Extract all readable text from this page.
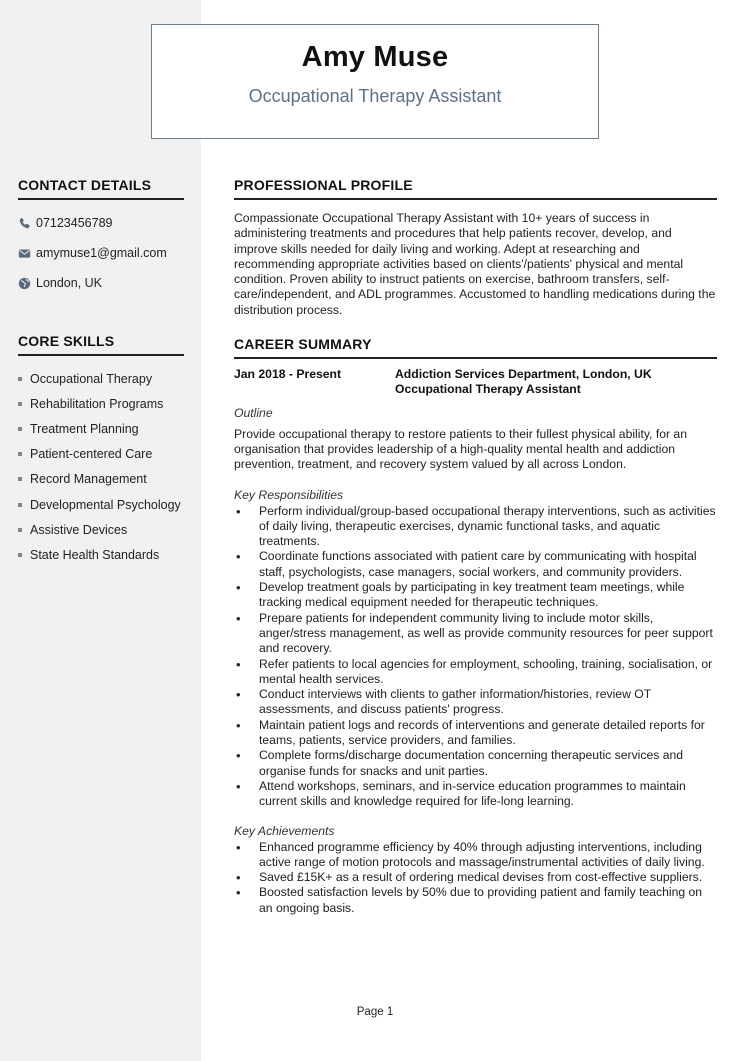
Amy Muse
Occupational Therapy Assistant
CONTACT DETAILS
07123456789
amymuse1@gmail.com
London, UK
CORE SKILLS
Occupational Therapy
Rehabilitation Programs
Treatment Planning
Patient-centered Care
Record Management
Developmental Psychology
Assistive Devices
State Health Standards
PROFESSIONAL PROFILE

Compassionate Occupational Therapy Assistant with 10+ years of success in administering treatments and procedures that help patients recover, develop, and improve skills needed for daily living and working. Adept at researching and recommending appropriate activities based on clients'/patients' physical and mental condition. Proven ability to instruct patients on exercise, bathroom transfers, self-care/independent, and ADL programmes. Accustomed to handling medications during the distribution process.

CAREER SUMMARY
Jan 2018 - Present	Addiction Services Department, London, UK
Occupational Therapy Assistant
Outline

Provide occupational therapy to restore patients to their fullest physical ability, for an organisation that provides leadership of a high-quality mental health and addiction prevention, treatment, and recovery system valued by all across London.

Key Responsibilities
• Perform individual/group-based occupational therapy interventions, such as activities of daily living, therapeutic exercises, dynamic functional tasks, and aquatic treatments.
• Coordinate functions associated with patient care by communicating with hospital staff, psychologists, case managers, social workers, and community providers.
• Develop treatment goals by participating in key treatment team meetings, while tracking medical equipment needed for therapeutic techniques.
• Prepare patients for independent community living to include motor skills, anger/stress management, as well as provide community resources for peer support and recovery.
• Refer patients to local agencies for employment, schooling, training, socialisation, or mental health services.
• Conduct interviews with clients to gather information/histories, review OT assessments, and discuss patients' progress.
• Maintain patient logs and records of interventions and generate detailed reports for teams, patients, service providers, and families.
• Complete forms/discharge documentation concerning therapeutic services and organise funds for snacks and unit parties.
• Attend workshops, seminars, and in-service education programmes to maintain current skills and knowledge required for life-long learning.
Key Achievements
• Enhanced programme efficiency by 40% through adjusting interventions, including active range of motion protocols and massage/instrumental activities of daily living.
• Saved £15K+ as a result of ordering medical devises from cost-effective suppliers.
• Boosted satisfaction levels by 50% due to providing patient and family teaching on an ongoing basis.
Page 1
